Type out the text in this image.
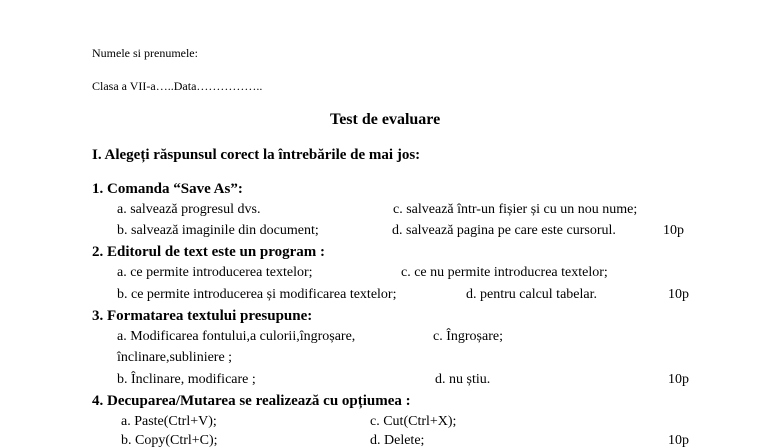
Numele si prenumele:
Clasa a VII-a…..Data……………..
Test de evaluare
I. Alegeți răspunsul corect la întrebările de mai jos:
1. Comanda “Save As”:
a. salvează progresul dvs.	c. salvează într-un fișier și cu un nou nume;
b. salvează imaginile din document;	d. salvează pagina pe care este cursorul.	10p
2. Editorul de text este un program :
a. ce permite introducerea textelor;	c. ce nu permite introducrea textelor;
b. ce permite introducerea și modificarea textelor;	d. pentru calcul tabelar.	10p
3. Formatarea textului presupune:
a. Modificarea fontului,a culorii,îngroșare,	c. Îngroșare;
înclinare,subliniere ;
b. Înclinare, modificare ;	d. nu știu.	10p
4. Decuparea/Mutarea se realizează cu opțiumea :
a. Paste(Ctrl+V);	c. Cut(Ctrl+X);
b. Copy(Ctrl+C);	d. Delete;	10p
